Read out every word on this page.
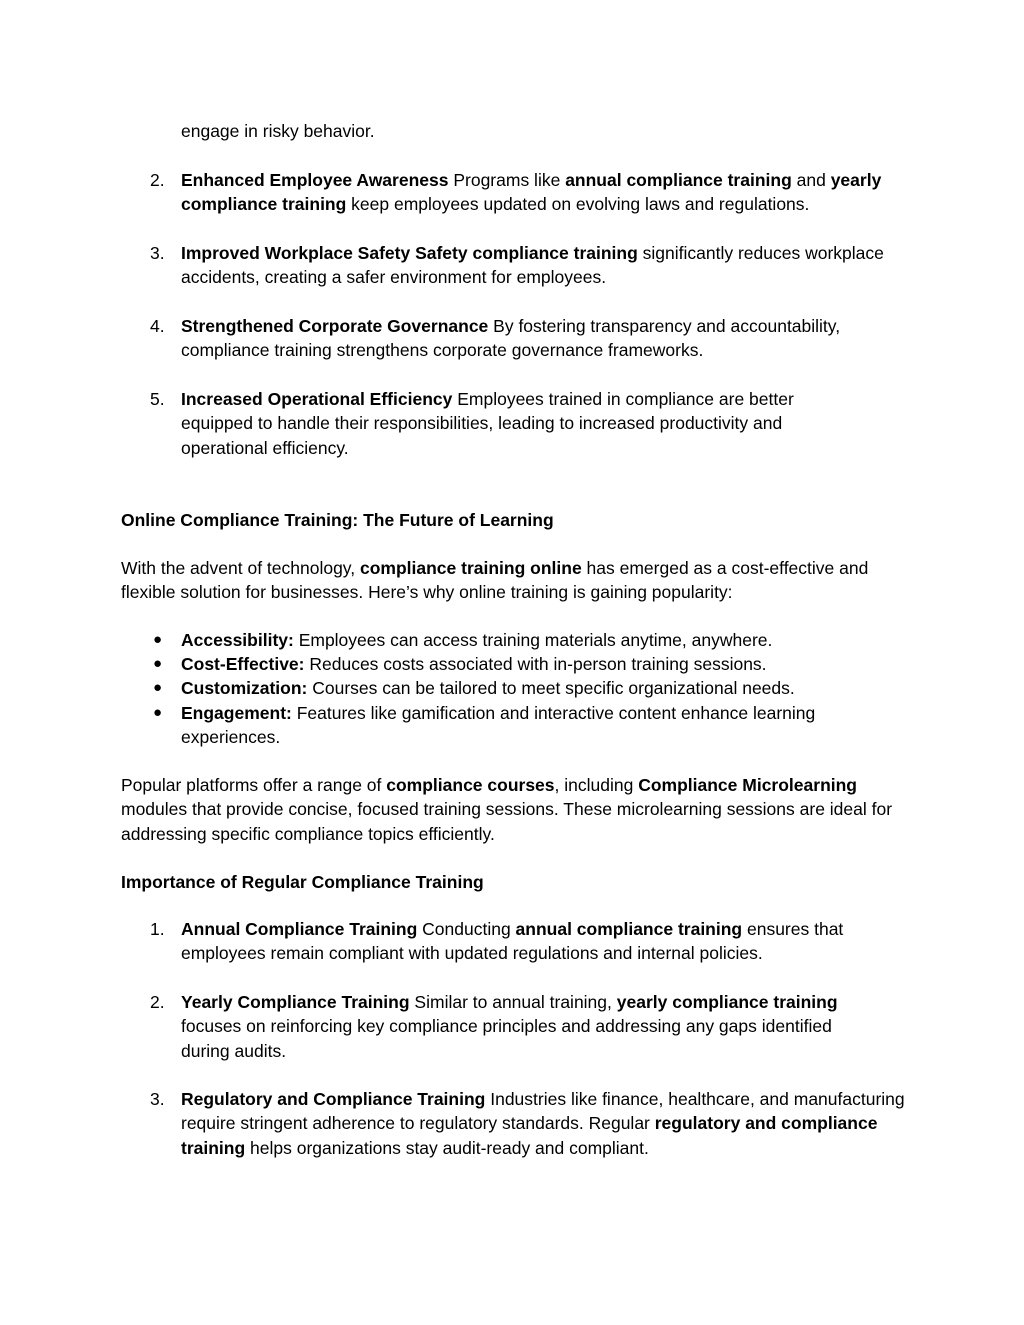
engage in risky behavior.

2. Enhanced Employee Awareness Programs like annual compliance training and yearly compliance training keep employees updated on evolving laws and regulations.
3. Improved Workplace Safety Safety compliance training significantly reduces workplace accidents, creating a safer environment for employees.
4. Strengthened Corporate Governance By fostering transparency and accountability, compliance training strengthens corporate governance frameworks.
5. Increased Operational Efficiency Employees trained in compliance are better equipped to handle their responsibilities, leading to increased productivity and operational efficiency.

Online Compliance Training: The Future of Learning

With the advent of technology, compliance training online has emerged as a cost-effective and flexible solution for businesses. Here’s why online training is gaining popularity:

● Accessibility: Employees can access training materials anytime, anywhere.
● Cost-Effective: Reduces costs associated with in-person training sessions.
● Customization: Courses can be tailored to meet specific organizational needs.
● Engagement: Features like gamification and interactive content enhance learning experiences.

Popular platforms offer a range of compliance courses, including Compliance Microlearning modules that provide concise, focused training sessions. These microlearning sessions are ideal for addressing specific compliance topics efficiently.

Importance of Regular Compliance Training

1. Annual Compliance Training Conducting annual compliance training ensures that employees remain compliant with updated regulations and internal policies.
2. Yearly Compliance Training Similar to annual training, yearly compliance training focuses on reinforcing key compliance principles and addressing any gaps identified during audits.
3. Regulatory and Compliance Training Industries like finance, healthcare, and manufacturing require stringent adherence to regulatory standards. Regular regulatory and compliance training helps organizations stay audit-ready and compliant.
